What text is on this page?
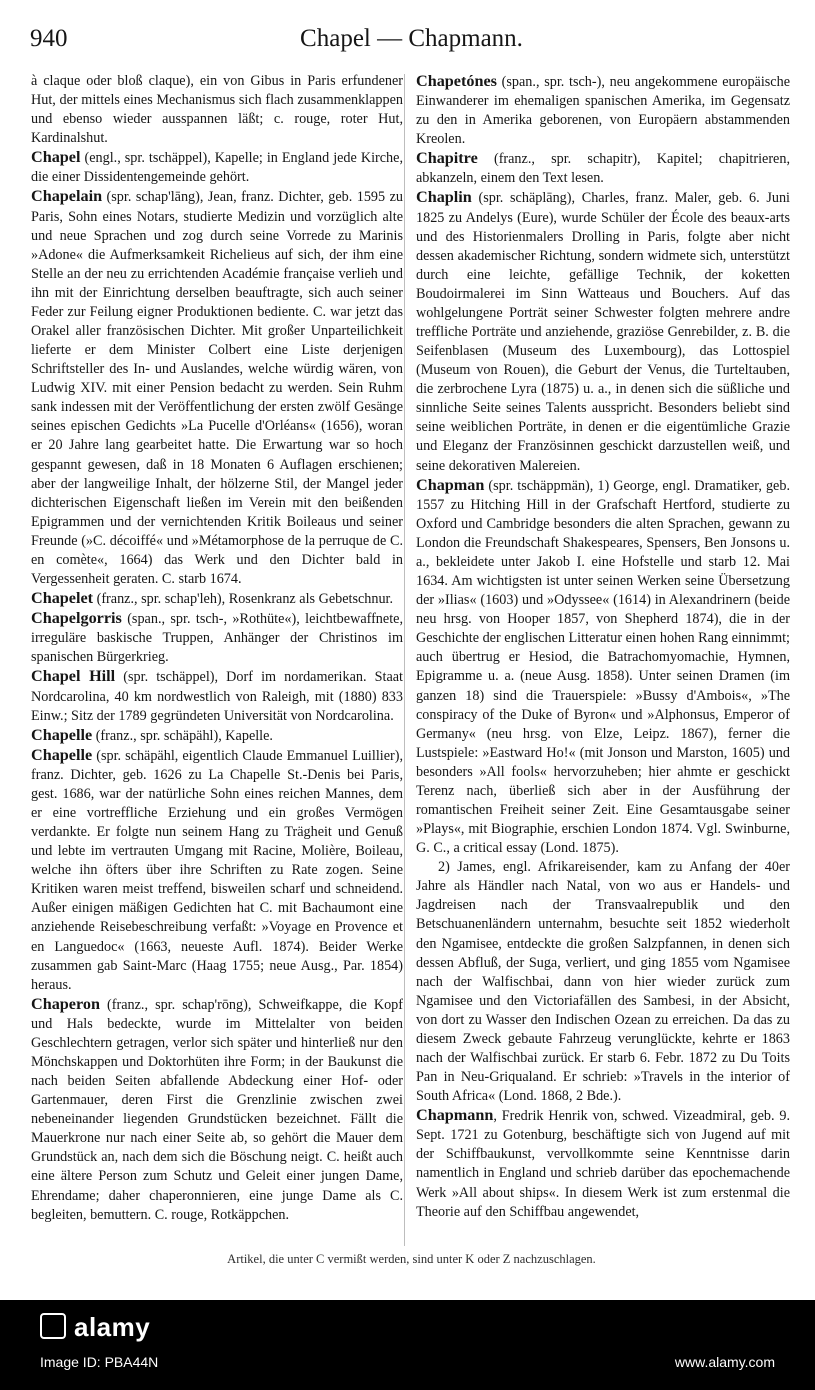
940	Chapel — Chapmann.

à claque oder bloß claque), ein von Gibus in Paris erfundener Hut, der mittels eines Mechanismus sich flach zusammenklappen und ebenso wieder ausspannen läßt; c. rouge, roter Hut, Kardinalshut.

Chapel (engl., spr. tschäppel), Kapelle; in England jede Kirche, die einer Dissidentengemeinde gehört.

Chapelain (spr. schap'lāng), Jean, franz. Dichter, geb. 1595 zu Paris, Sohn eines Notars, studierte Medizin und vorzüglich alte und neue Sprachen und zog durch seine Vorrede zu Marinis »Adone« die Aufmerksamkeit Richelieus auf sich, der ihm eine Stelle an der neu zu errichtenden Académie française verlieh und ihn mit der Einrichtung derselben beauftragte, sich auch seiner Feder zur Feilung eigner Produktionen bediente. C. war jetzt das Orakel aller französischen Dichter. Mit großer Unparteilichkeit lieferte er dem Minister Colbert eine Liste derjenigen Schriftsteller des In- und Auslandes, welche würdig wären, von Ludwig XIV. mit einer Pension bedacht zu werden. Sein Ruhm sank indessen mit der Veröffentlichung der ersten zwölf Gesänge seines epischen Gedichts »La Pucelle d'Orléans« (1656), woran er 20 Jahre lang gearbeitet hatte. Die Erwartung war so hoch gespannt gewesen, daß in 18 Monaten 6 Auflagen erschienen; aber der langweilige Inhalt, der hölzerne Stil, der Mangel jeder dichterischen Eigenschaft ließen im Verein mit den beißenden Epigrammen und der vernichtenden Kritik Boileaus und seiner Freunde (»C. décoiffé« und »Métamorphose de la perruque de C. en comète«, 1664) das Werk und den Dichter bald in Vergessenheit geraten. C. starb 1674.

Chapelet (franz., spr. schap'leh), Rosenkranz als Gebetschnur.

Chapelgorris (span., spr. tsch-, »Rothüte«), leichtbewaffnete, irreguläre baskische Truppen, Anhänger der Christinos im spanischen Bürgerkrieg.

Chapel Hill (spr. tschäppel), Dorf im nordamerikan. Staat Nordcarolina, 40 km nordwestlich von Raleigh, mit (1880) 833 Einw.; Sitz der 1789 gegründeten Universität von Nordcarolina.

Chapelle (franz., spr. schäpähl), Kapelle.

Chapelle (spr. schäpähl, eigentlich Claude Emmanuel Luillier), franz. Dichter, geb. 1626 zu La Chapelle St.-Denis bei Paris, gest. 1686, war der natürliche Sohn eines reichen Mannes, dem er eine vortreffliche Erziehung und ein großes Vermögen verdankte. Er folgte nun seinem Hang zu Trägheit und Genuß und lebte im vertrauten Umgang mit Racine, Molière, Boileau, welche ihn öfters über ihre Schriften zu Rate zogen. Seine Kritiken waren meist treffend, bisweilen scharf und schneidend. Außer einigen mäßigen Gedichten hat C. mit Bachaumont eine anziehende Reisebeschreibung verfaßt: »Voyage en Provence et en Languedoc« (1663, neueste Aufl. 1874). Beider Werke zusammen gab Saint-Marc (Haag 1755; neue Ausg., Par. 1854) heraus.

Chaperon (franz., spr. schap'rōng), Schweifkappe, die Kopf und Hals bedeckte, wurde im Mittelalter von beiden Geschlechtern getragen, verlor sich später und hinterließ nur den Mönchskappen und Doktorhüten ihre Form; in der Baukunst die nach beiden Seiten abfallende Abdeckung einer Hof- oder Gartenmauer, deren First die Grenzlinie zwischen zwei nebeneinander liegenden Grundstücken bezeichnet. Fällt die Mauerkrone nur nach einer Seite ab, so gehört die Mauer dem Grundstück an, nach dem sich die Böschung neigt. C. heißt auch eine ältere Person zum Schutz und Geleit einer jungen Dame, Ehrendame; daher chaperonnieren, eine junge Dame als C. begleiten, bemuttern. C. rouge, Rotkäppchen.

Chapetónes (span., spr. tsch-), neu angekommene europäische Einwanderer im ehemaligen spanischen Amerika, im Gegensatz zu den in Amerika geborenen, von Europäern abstammenden Kreolen.

Chapitre (franz., spr. schapitr), Kapitel; chapitrieren, abkanzeln, einem den Text lesen.

Chaplin (spr. schäplāng), Charles, franz. Maler, geb. 6. Juni 1825 zu Andelys (Eure), wurde Schüler der École des beaux-arts und des Historienmalers Drolling in Paris, folgte aber nicht dessen akademischer Richtung, sondern widmete sich, unterstützt durch eine leichte, gefällige Technik, der koketten Boudoirmalerei im Sinn Watteaus und Bouchers. Auf das wohlgelungene Porträt seiner Schwester folgten mehrere andre treffliche Porträte und anziehende, graziöse Genrebilder, z. B. die Seifenblasen (Museum des Luxembourg), das Lottospiel (Museum von Rouen), die Geburt der Venus, die Turteltauben, die zerbrochene Lyra (1875) u. a., in denen sich die süßliche und sinnliche Seite seines Talents ausspricht. Besonders beliebt sind seine weiblichen Porträte, in denen er die eigentümliche Grazie und Eleganz der Französinnen geschickt darzustellen weiß, und seine dekorativen Malereien.

Chapman (spr. tschäppmän), 1) George, engl. Dramatiker, geb. 1557 zu Hitching Hill in der Grafschaft Hertford, studierte zu Oxford und Cambridge besonders die alten Sprachen, gewann zu London die Freundschaft Shakespeares, Spensers, Ben Jonsons u. a., bekleidete unter Jakob I. eine Hofstelle und starb 12. Mai 1634. Am wichtigsten ist unter seinen Werken seine Übersetzung der »Ilias« (1603) und »Odyssee« (1614) in Alexandrinern (beide neu hrsg. von Hooper 1857, von Shepherd 1874), die in der Geschichte der englischen Litteratur einen hohen Rang einnimmt; auch übertrug er Hesiod, die Batrachomyomachie, Hymnen, Epigramme u. a. (neue Ausg. 1858). Unter seinen Dramen (im ganzen 18) sind die Trauerspiele: »Bussy d'Ambois«, »The conspiracy of the Duke of Byron« und »Alphonsus, Emperor of Germany« (neu hrsg. von Elze, Leipz. 1867), ferner die Lustspiele: »Eastward Ho!« (mit Jonson und Marston, 1605) und besonders »All fools« hervorzuheben; hier ahmte er geschickt Terenz nach, überließ sich aber in der Ausführung der romantischen Freiheit seiner Zeit. Eine Gesamtausgabe seiner »Plays«, mit Biographie, erschien London 1874. Vgl. Swinburne, G. C., a critical essay (Lond. 1875).

2) James, engl. Afrikareisender, kam zu Anfang der 40er Jahre als Händler nach Natal, von wo aus er Handels- und Jagdreisen nach der Transvaalrepublik und den Betschuanenländern unternahm, besuchte seit 1852 wiederholt den Ngamisee, entdeckte die großen Salzpfannen, in denen sich dessen Abfluß, der Suga, verliert, und ging 1855 vom Ngamisee nach der Walfischbai, dann von hier wieder zurück zum Ngamisee und den Victoriafällen des Sambesi, in der Absicht, von dort zu Wasser den Indischen Ozean zu erreichen. Da das zu diesem Zweck gebaute Fahrzeug verunglückte, kehrte er 1863 nach der Walfischbai zurück. Er starb 6. Febr. 1872 zu Du Toits Pan in Neu-Griqualand. Er schrieb: »Travels in the interior of South Africa« (Lond. 1868, 2 Bde.).

Chapmann, Fredrik Henrik von, schwed. Vizeadmiral, geb. 9. Sept. 1721 zu Gotenburg, beschäftigte sich von Jugend auf mit der Schiffbaukunst, vervollkommte seine Kenntnisse darin namentlich in England und schrieb darüber das epochemachende Werk »All about ships«. In diesem Werk ist zum erstenmal die Theorie auf den Schiffbau angewendet,

Artikel, die unter C vermißt werden, sind unter K oder Z nachzuschlagen.
alamy
Image ID: PBA44N	www.alamy.com
